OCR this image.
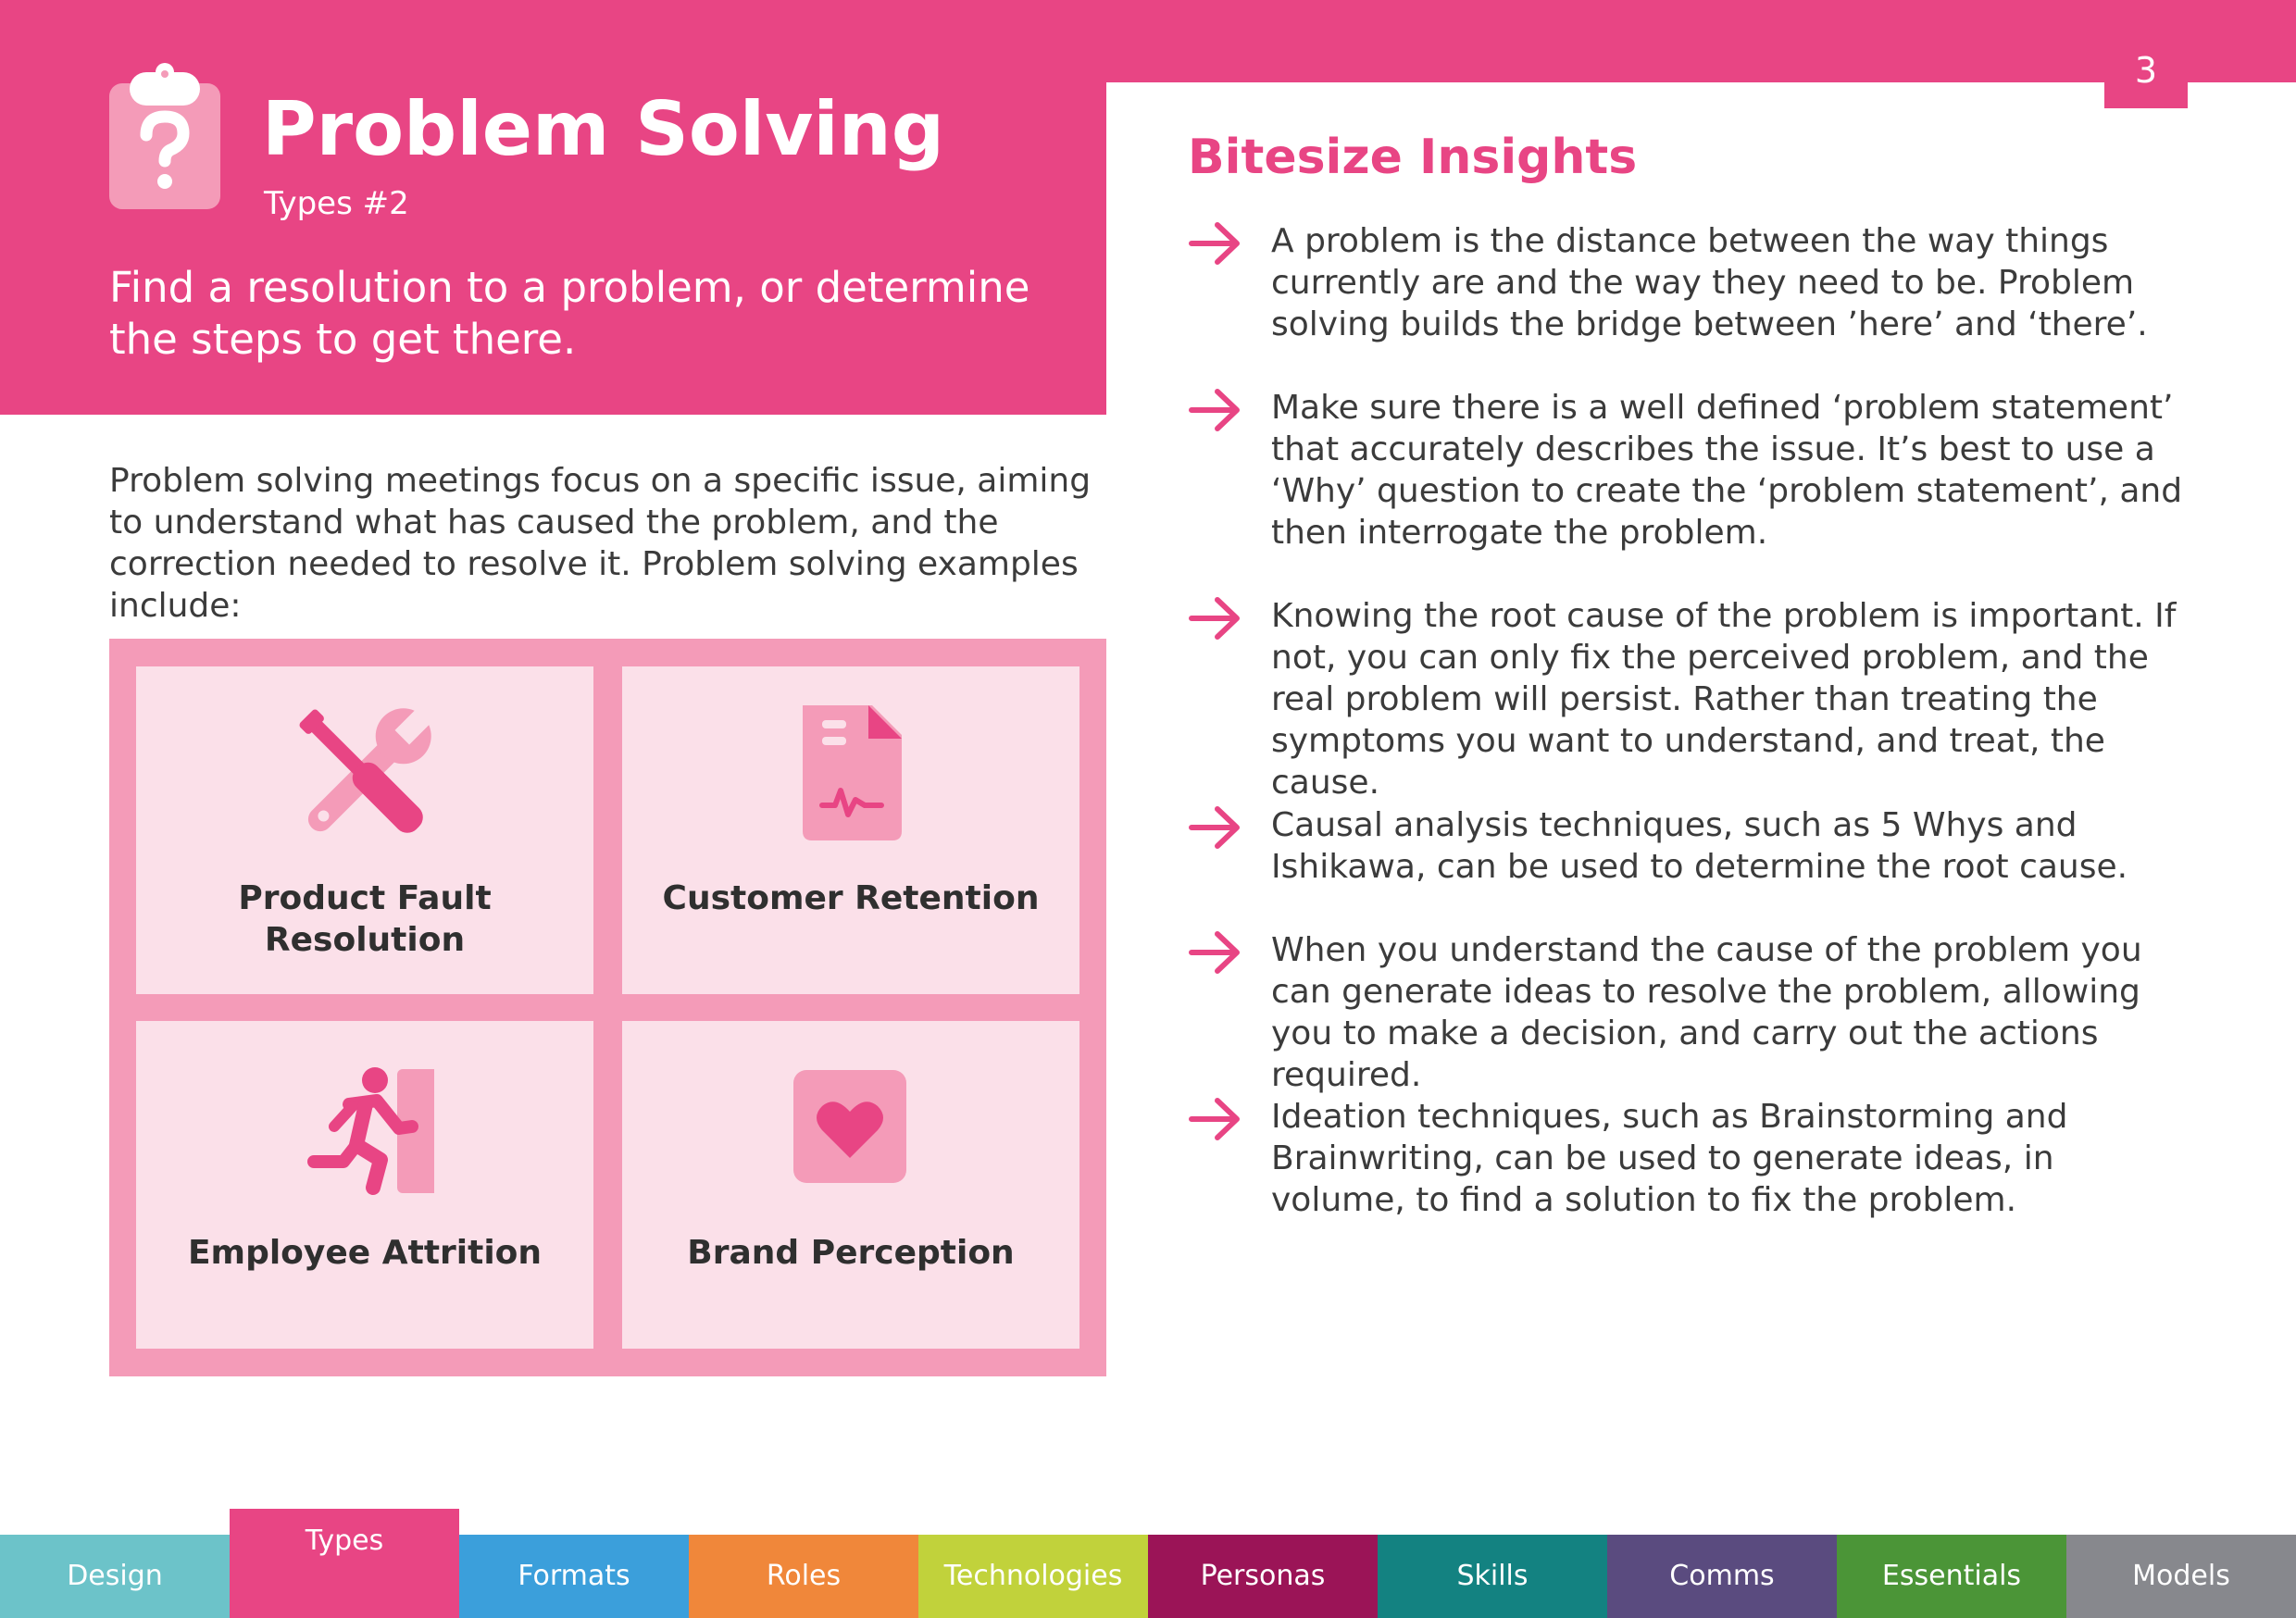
3
Problem Solving
Types #2
Find a resolution to a problem, or determine the steps to get there.
Problem solving meetings focus on a specific issue, aiming to understand what has caused the problem, and the correction needed to resolve it. Problem solving examples include:
Product Fault Resolution
Customer Retention
Employee Attrition	Brand Perception
Bitesize Insights
A problem is the distance between the way things currently are and the way they need to be. Problem solving builds the bridge between ’here’ and ‘there’.
Make sure there is a well defined ‘problem statement’ that accurately describes the issue. It’s best to use a ‘Why’ question to create the ‘problem statement’, and then interrogate the problem.
Knowing the root cause of the problem is important. If not, you can only fix the perceived problem, and the real problem will persist. Rather than treating the symptoms you want to understand, and treat, the cause.
Causal analysis techniques, such as 5 Whys and Ishikawa, can be used to determine the root cause.
When you understand the cause of the problem you can generate ideas to resolve the problem, allowing you to make a decision, and carry out the actions required.
Ideation techniques, such as Brainstorming and Brainwriting, can be used to generate ideas, in volume, to find a solution to fix the problem.
Design
Types
Formats	Roles	Technologies	Personas	Skills	Comms	Essentials	Models
